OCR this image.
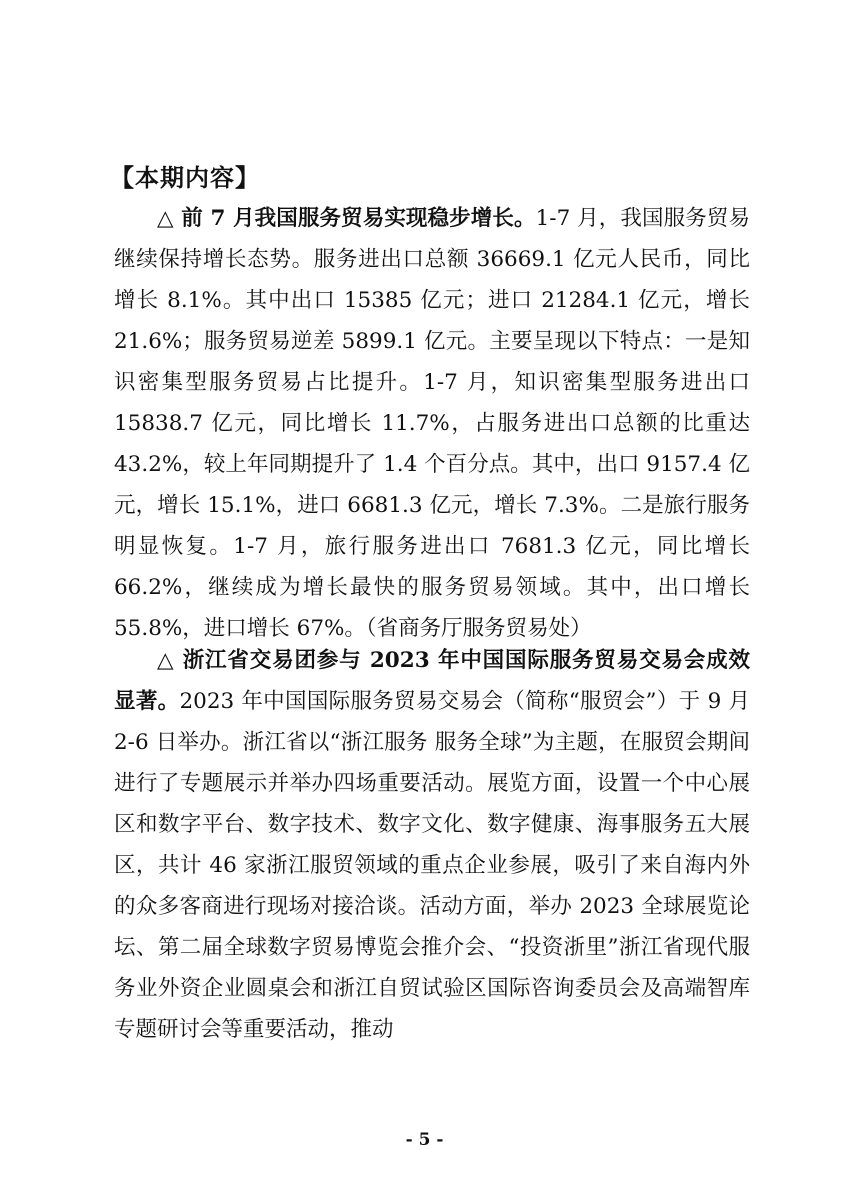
【本期内容】

△ 前 7 月我国服务贸易实现稳步增长。1-7 月，我国服务贸易继续保持增长态势。服务进出口总额 36669.1 亿元人民币，同比增长 8.1%。其中出口 15385 亿元；进口 21284.1 亿元，增长 21.6%；服务贸易逆差 5899.1 亿元。主要呈现以下特点：一是知识密集型服务贸易占比提升。1-7 月，知识密集型服务进出口 15838.7 亿元，同比增长 11.7%，占服务进出口总额的比重达 43.2%，较上年同期提升了 1.4 个百分点。其中，出口 9157.4 亿元，增长 15.1%，进口 6681.3 亿元，增长 7.3%。二是旅行服务明显恢复。1-7 月，旅行服务进出口 7681.3 亿元，同比增长 66.2%，继续成为增长最快的服务贸易领域。其中，出口增长 55.8%，进口增长 67%。（省商务厅服务贸易处）

△ 浙江省交易团参与 2023 年中国国际服务贸易交易会成效显著。2023 年中国国际服务贸易交易会（简称“服贸会”）于 9 月 2-6 日举办。浙江省以“浙江服务 服务全球”为主题，在服贸会期间进行了专题展示并举办四场重要活动。展览方面，设置一个中心展区和数字平台、数字技术、数字文化、数字健康、海事服务五大展区，共计 46 家浙江服贸领域的重点企业参展，吸引了来自海内外的众多客商进行现场对接洽谈。活动方面，举办 2023 全球展览论坛、第二届全球数字贸易博览会推介会、“投资浙里”浙江省现代服务业外资企业圆桌会和浙江自贸试验区国际咨询委员会及高端智库专题研讨会等重要活动，推动

- 5 -
